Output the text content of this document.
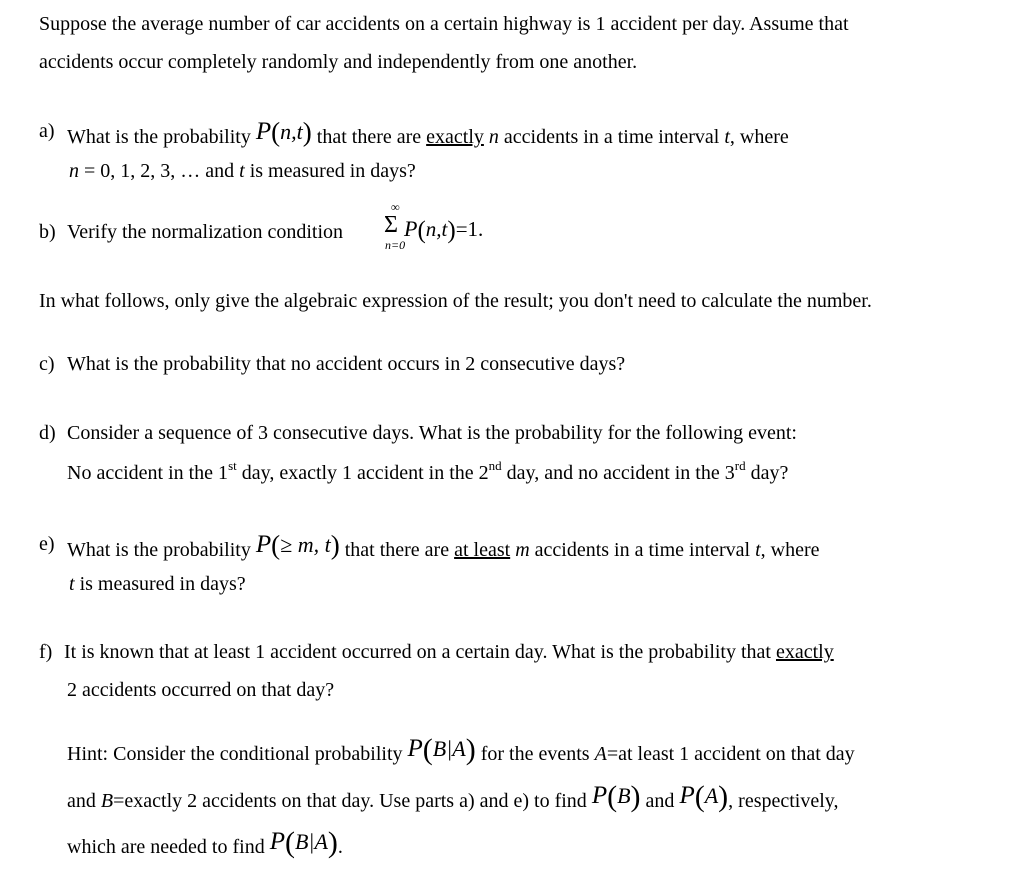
Suppose the average number of car accidents on a certain highway is 1 accident per day. Assume that
accidents occur completely randomly and independently from one another.
a) What is the probability P(n,t) that there are exactly n accidents in a time interval t, where
n = 0, 1, 2, 3, … and t is measured in days?
b) Verify the normalization condition
∞
Σ
n=0
P(n,t)=1.
In what follows, only give the algebraic expression of the result; you don't need to calculate the number.
c) What is the probability that no accident occurs in 2 consecutive days?
d) Consider a sequence of 3 consecutive days. What is the probability for the following event:
No accident in the 1st day, exactly 1 accident in the 2nd day, and no accident in the 3rd day?
e) What is the probability P(≥ m, t) that there are at least m accidents in a time interval t, where
t is measured in days?
f) It is known that at least 1 accident occurred on a certain day. What is the probability that exactly
2 accidents occurred on that day?
Hint: Consider the conditional probability P(B|A) for the events A=at least 1 accident on that day
and B=exactly 2 accidents on that day. Use parts a) and e) to find P(B) and P(A), respectively,
which are needed to find P(B|A).
